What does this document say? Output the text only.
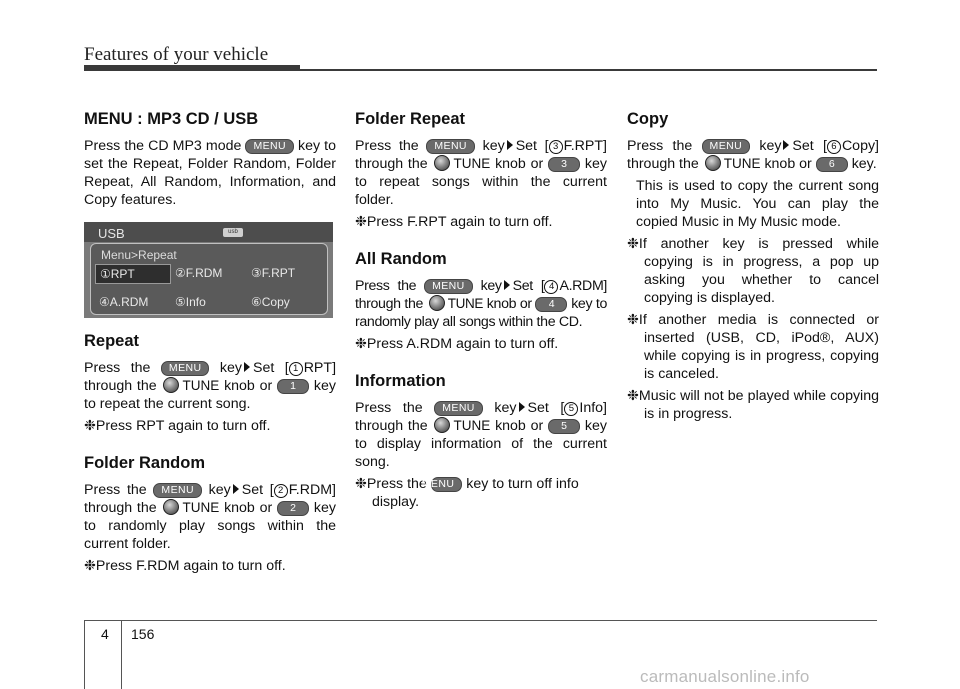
Features of your vehicle
MENU : MP3 CD / USB

Press the CD MP3 mode MENU key to set the Repeat, Folder Random, Folder Repeat, All Random, Information, and Copy features.

USB	usb
Menu>Repeat
①RPT	②F.RDM	③F.RPT
④A.RDM	⑤Info	⑥Copy
Repeat

Press the MENU key Set [ 1 RPT] through the TUNE knob or 1 key to repeat the current song.

❉Press RPT again to turn off.

Folder Random

Press the MENU key Set [ 2 F.RDM] through the TUNE knob or 2 key to randomly play songs within the current folder.

❉Press F.RDM again to turn off.

Folder Repeat

Press the MENU key Set [ 3 F.RPT] through the TUNE knob or 3 key to repeat songs within the current folder.

❉Press F.RPT again to turn off.

All Random

Press the MENU key Set [ 4 A.RDM] through the TUNE knob or 4 key to randomly play all songs within the CD.

❉Press A.RDM again to turn off.

Information

Press the MENU key Set [ 5 Info] through the TUNE knob or 5 key to display information of the current song.

❉Press the MENU key to turn off info display.

Copy

Press the MENU key Set [ 6 Copy] through the TUNE knob or 6 key.

This is used to copy the current song into My Music. You can play the copied Music in My Music mode.

❉If another key is pressed while copying is in progress, a pop up asking you whether to cancel copying is displayed.

❉If another media is connected or inserted (USB, CD, iPod®, AUX) while copying is in progress, copying is canceled.

❉Music will not be played while copying is in progress.

4 156
carmanualsonline.info
